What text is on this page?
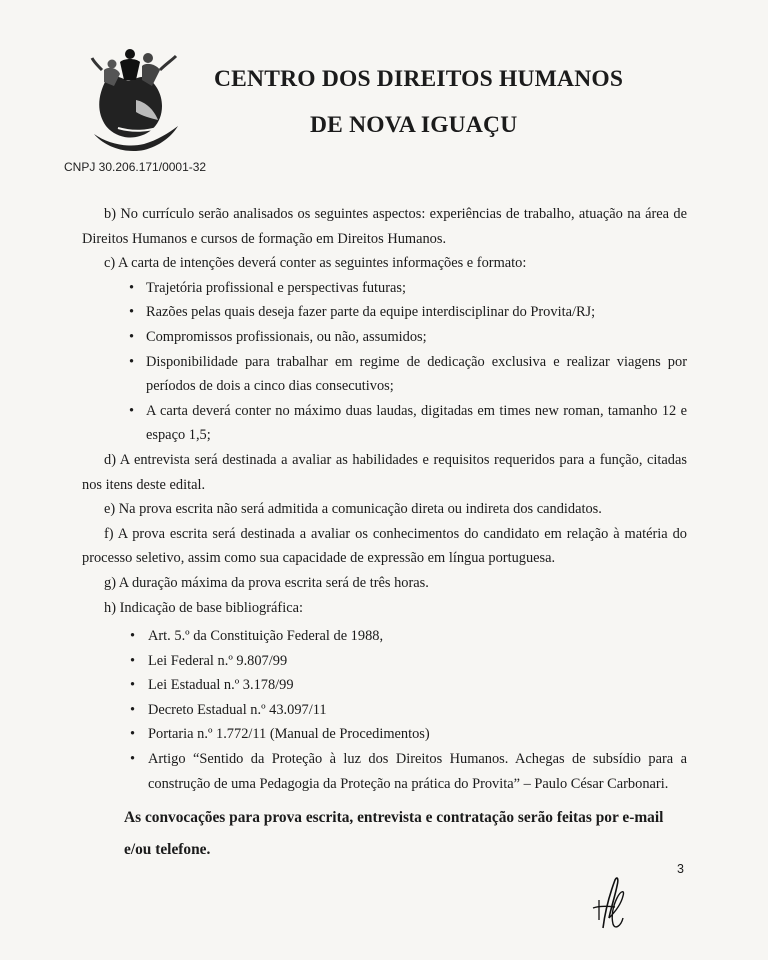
CENTRO DOS DIREITOS HUMANOS
DE NOVA IGUAÇU
CNPJ 30.206.171/0001-32

b) No currículo serão analisados os seguintes aspectos: experiências de trabalho, atuação na área de Direitos Humanos e cursos de formação em Direitos Humanos.

c) A carta de intenções deverá conter as seguintes informações e formato:

• Trajetória profissional e perspectivas futuras;
• Razões pelas quais deseja fazer parte da equipe interdisciplinar do Provita/RJ;
• Compromissos profissionais, ou não, assumidos;
• Disponibilidade para trabalhar em regime de dedicação exclusiva e realizar viagens por períodos de dois a cinco dias consecutivos;
• A carta deverá conter no máximo duas laudas, digitadas em times new roman, tamanho 12 e espaço 1,5;

d) A entrevista será destinada a avaliar as habilidades e requisitos requeridos para a função, citadas nos itens deste edital.

e) Na prova escrita não será admitida a comunicação direta ou indireta dos candidatos.

f) A prova escrita será destinada a avaliar os conhecimentos do candidato em relação à matéria do processo seletivo, assim como sua capacidade de expressão em língua portuguesa.

g) A duração máxima da prova escrita será de três horas.

h) Indicação de base bibliográfica:

• Art. 5.º da Constituição Federal de 1988,
• Lei Federal n.º 9.807/99
• Lei Estadual n.º 3.178/99
• Decreto Estadual n.º 43.097/11
• Portaria n.º 1.772/11 (Manual de Procedimentos)
• Artigo “Sentido da Proteção à luz dos Direitos Humanos. Achegas de subsídio para a construção de uma Pedagogia da Proteção na prática do Provita” – Paulo César Carbonari.
As convocações para prova escrita, entrevista e contratação serão feitas por e-mail e/ou telefone.
3
